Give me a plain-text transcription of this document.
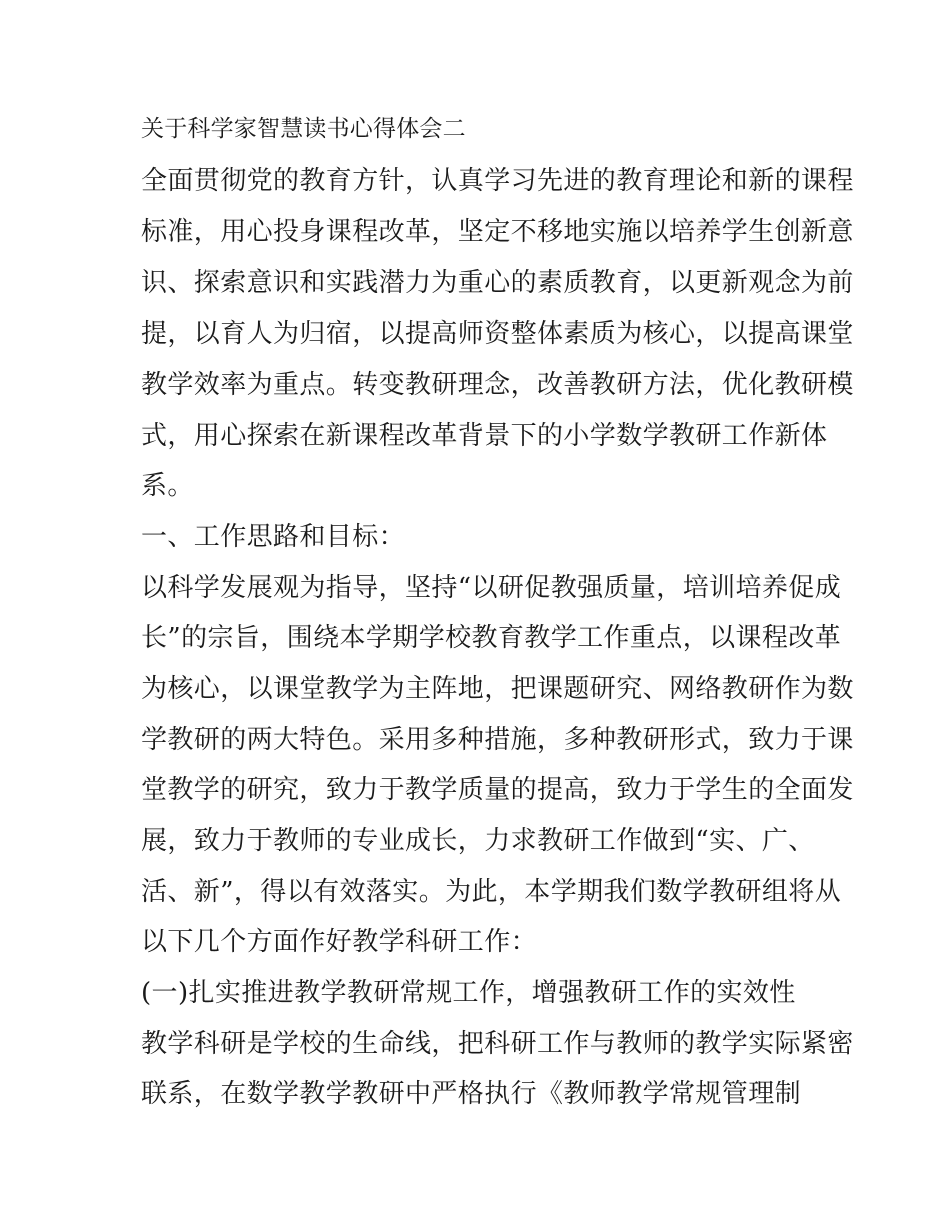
关于科学家智慧读书心得体会二
全面贯彻党的教育方针，认真学习先进的教育理论和新的课程
标准，用心投身课程改革，坚定不移地实施以培养学生创新意
识、探索意识和实践潜力为重心的素质教育，以更新观念为前
提，以育人为归宿，以提高师资整体素质为核心，以提高课堂
教学效率为重点。转变教研理念，改善教研方法，优化教研模
式，用心探索在新课程改革背景下的小学数学教研工作新体
系。
一、工作思路和目标：
以科学发展观为指导，坚持“以研促教强质量，培训培养促成
长”的宗旨，围绕本学期学校教育教学工作重点，以课程改革
为核心，以课堂教学为主阵地，把课题研究、网络教研作为数
学教研的两大特色。采用多种措施，多种教研形式，致力于课
堂教学的研究，致力于教学质量的提高，致力于学生的全面发
展，致力于教师的专业成长，力求教研工作做到“实、广、
活、新”，得以有效落实。为此，本学期我们数学教研组将从
以下几个方面作好教学科研工作：
(一)扎实推进教学教研常规工作，增强教研工作的实效性
教学科研是学校的生命线，把科研工作与教师的教学实际紧密
联系，在数学教学教研中严格执行《教师教学常规管理制
